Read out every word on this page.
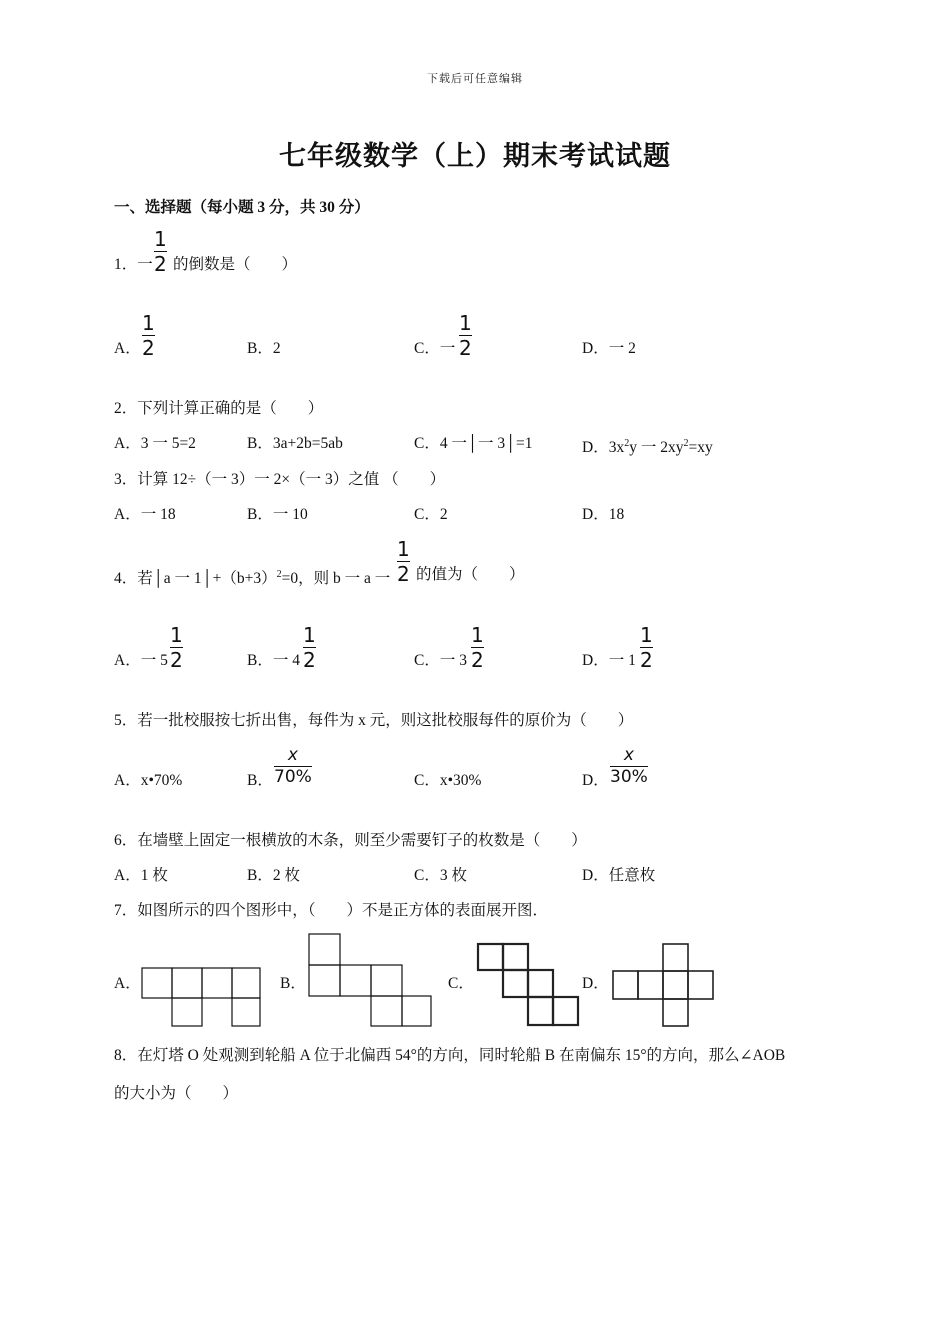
下载后可任意编辑
七年级数学（上）期末考试试题
一、选择题（每小题 3 分，共 30 分）
1．一
1
2 的倒数是（　　）
A．
1
2	B．2	C．一
1
2	D．一 2
2．下列计算正确的是（　　）
A．3 一 5=2	B．3a+2b=5ab	C．4 一│一 3│=1	D．$3x^2y$ 一 $2xy^2=xy$
3．计算 12÷（一 3）一 2×（一 3）之值 （　　）
A．一 18	B．一 10	C．2	D．18
4．若│a 一 $1│+(b+3)^2=0$，则 b 一 a 一
1
2 的值为（　　）
A．一 5
1
2	B．一 4
1
2	C．一 3
1
2	D．一 1
1
2
5．若一批校服按七折出售，每件为 x 元，则这批校服每件的原价为（　　）
A．x•70%	B．
x
70%	C．x•30%	D．
x
30%
6．在墙壁上固定一根横放的木条，则至少需要钉子的枚数是（　　）
A．1 枚	B．2 枚	C．3 枚	D．任意枚
7．如图所示的四个图形中，（　　）不是正方体的表面展开图．
A．	B．	C．	D．
8．在灯塔 O 处观测到轮船 A 位于北偏西 54°的方向，同时轮船 B 在南偏东 15°的方向，那么∠AOB
的大小为（　　）
